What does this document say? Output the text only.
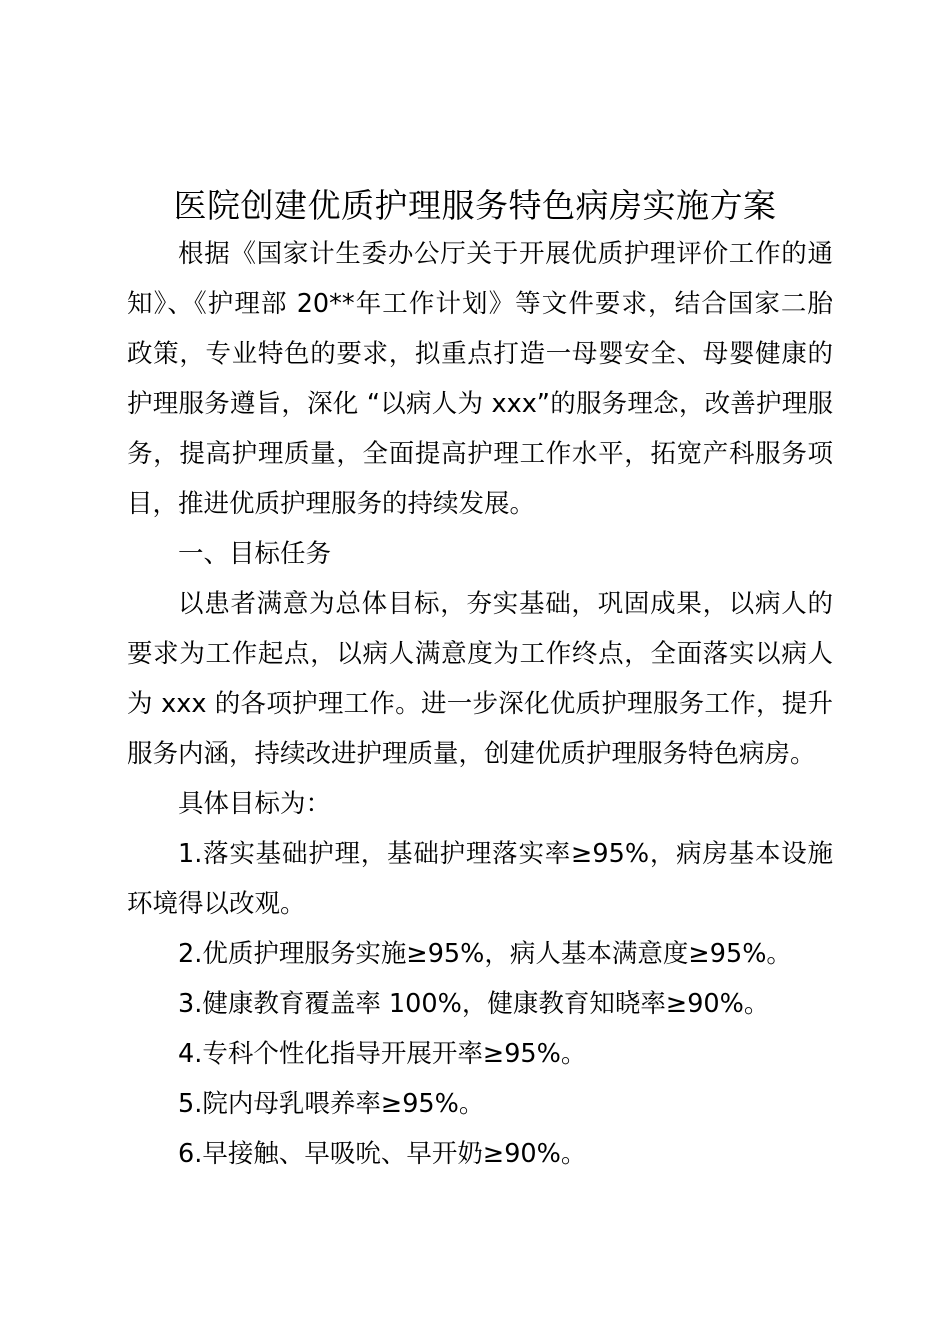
医院创建优质护理服务特色病房实施方案
根据《国家计生委办公厅关于开展优质护理评价工作的通
知》、《护理部 20**年工作计划》等文件要求，结合国家二胎
政策，专业特色的要求，拟重点打造一母婴安全、母婴健康的
护理服务遵旨，深化 “以病人为 xxx”的服务理念，改善护理服
务，提高护理质量，全面提高护理工作水平，拓宽产科服务项
目，推进优质护理服务的持续发展。
一、目标任务
以患者满意为总体目标，夯实基础，巩固成果，以病人的
要求为工作起点，以病人满意度为工作终点，全面落实以病人
为 xxx 的各项护理工作。进一步深化优质护理服务工作，提升
服务内涵，持续改进护理质量，创建优质护理服务特色病房。
具体目标为：
1.落实基础护理，基础护理落实率≥95%，病房基本设施
环境得以改观。
2.优质护理服务实施≥95%，病人基本满意度≥95%。
3.健康教育覆盖率 100%，健康教育知晓率≥90%。
4.专科个性化指导开展开率≥95%。
5.院内母乳喂养率≥95%。
6.早接触、早吸吮、早开奶≥90%。
